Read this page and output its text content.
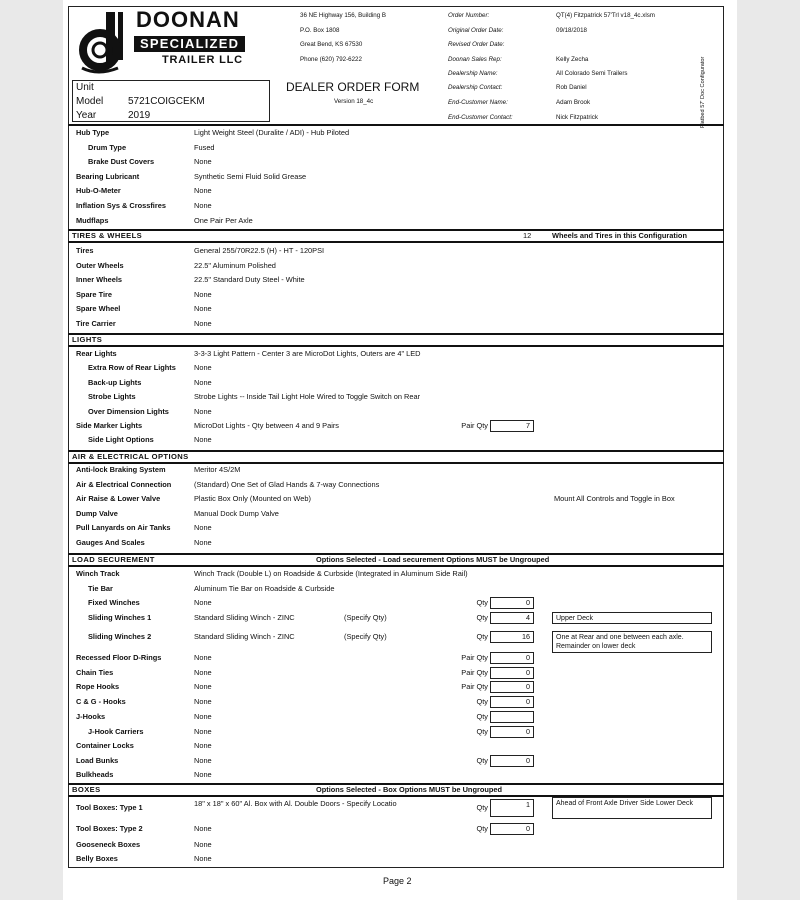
DOONAN
SPECIALIZED
TRAILER LLC
36 NE Highway 156, Building B
P.O. Box 1808
Great Bend, KS 67530
Phone (620) 792-6222
Order Number:	QT(4) Fitzpatrick 57'Trl v18_4c.xlsm
Original Order Date:	09/18/2018
Revised Order Date:
Doonan Sales Rep:	Kelly Zecha
Dealership Name:	All Colorado Semi Trailers
Dealership Contact:	Rob Daniel
End-Customer Name:	Adam Brook
End-Customer Contact:	Nick Fitzpatrick	Flatbed 57' Doc Configurator
Unit
Model 5721COIGCEKM
Year	2019
DEALER ORDER FORM
Version 18_4c
Hub Type	Light Weight Steel (Duralite / ADI) - Hub Piloted
Drum Type	Fused
Brake Dust Covers	None
Bearing Lubricant	Synthetic Semi Fluid Solid Grease
Hub-O-Meter	None
Inflation Sys & Crossfires	None
Mudflaps	One Pair Per Axle
TIRES & WHEELS	12	Wheels and Tires in this Configuration
Tires	General 255/70R22.5 (H) - HT - 120PSI
Outer Wheels	22.5" Aluminum Polished
Inner Wheels	22.5" Standard Duty Steel - White
Spare Tire	None
Spare Wheel	None
Tire Carrier	None
LIGHTS
Rear Lights	3-3-3 Light Pattern - Center 3 are MicroDot Lights, Outers are 4" LED
Extra Row of Rear Lights None
Back-up Lights	None
Strobe Lights	Strobe Lights -- Inside Tail Light Hole Wired to Toggle Switch on Rear
Over Dimension Lights	None
Side Marker Lights	MicroDot Lights - Qty between 4 and 9 Pairs	Pair Qty	7
Side Light Options	None
AIR & ELECTRICAL OPTIONS
Anti-lock Braking System	Meritor 4S/2M
Air & Electrical Connection	(Standard) One Set of Glad Hands & 7-way Connections
Air Raise & Lower Valve	Plastic Box Only (Mounted on Web)	Mount All Controls and Toggle in Box
Dump Valve	Manual Dock Dump Valve
Pull Lanyards on Air Tanks	None
Gauges And Scales	None
LOAD SECUREMENT	Options Selected - Load securement Options MUST be Ungrouped
Winch Track	Winch Track (Double L) on Roadside & Curbside (Integrated in Aluminum Side Rail)
Tie Bar	Aluminum Tie Bar on Roadside & Curbside
Fixed Winches	None	Qty	0
Sliding Winches 1	Standard Sliding Winch - ZINC	(Specify Qty)	Qty	4	Upper Deck
Sliding Winches 2	Standard Sliding Winch - ZINC	(Specify Qty)	Qty	16	One at Rear and one between each axle. Remainder on lower deck
Recessed Floor D-Rings	None	Pair Qty	0
Chain Ties	None	Pair Qty	0
Rope Hooks	None	Pair Qty	0
C & G - Hooks	None	Qty	0
J-Hooks	None	Qty
J-Hook Carriers	None	Qty	0
Container Locks	None
Load Bunks	None	Qty	0
Bulkheads	None
BOXES	Options Selected - Box Options MUST be Ungrouped
Tool Boxes: Type 1	18" x 18" x 60" Al. Box with Al. Double Doors - Specify Locatio	Qty	1	Ahead of Front Axle Driver Side Lower Deck
Tool Boxes: Type 2	None	Qty	0
Gooseneck Boxes	None
Belly Boxes	None
Page 2
